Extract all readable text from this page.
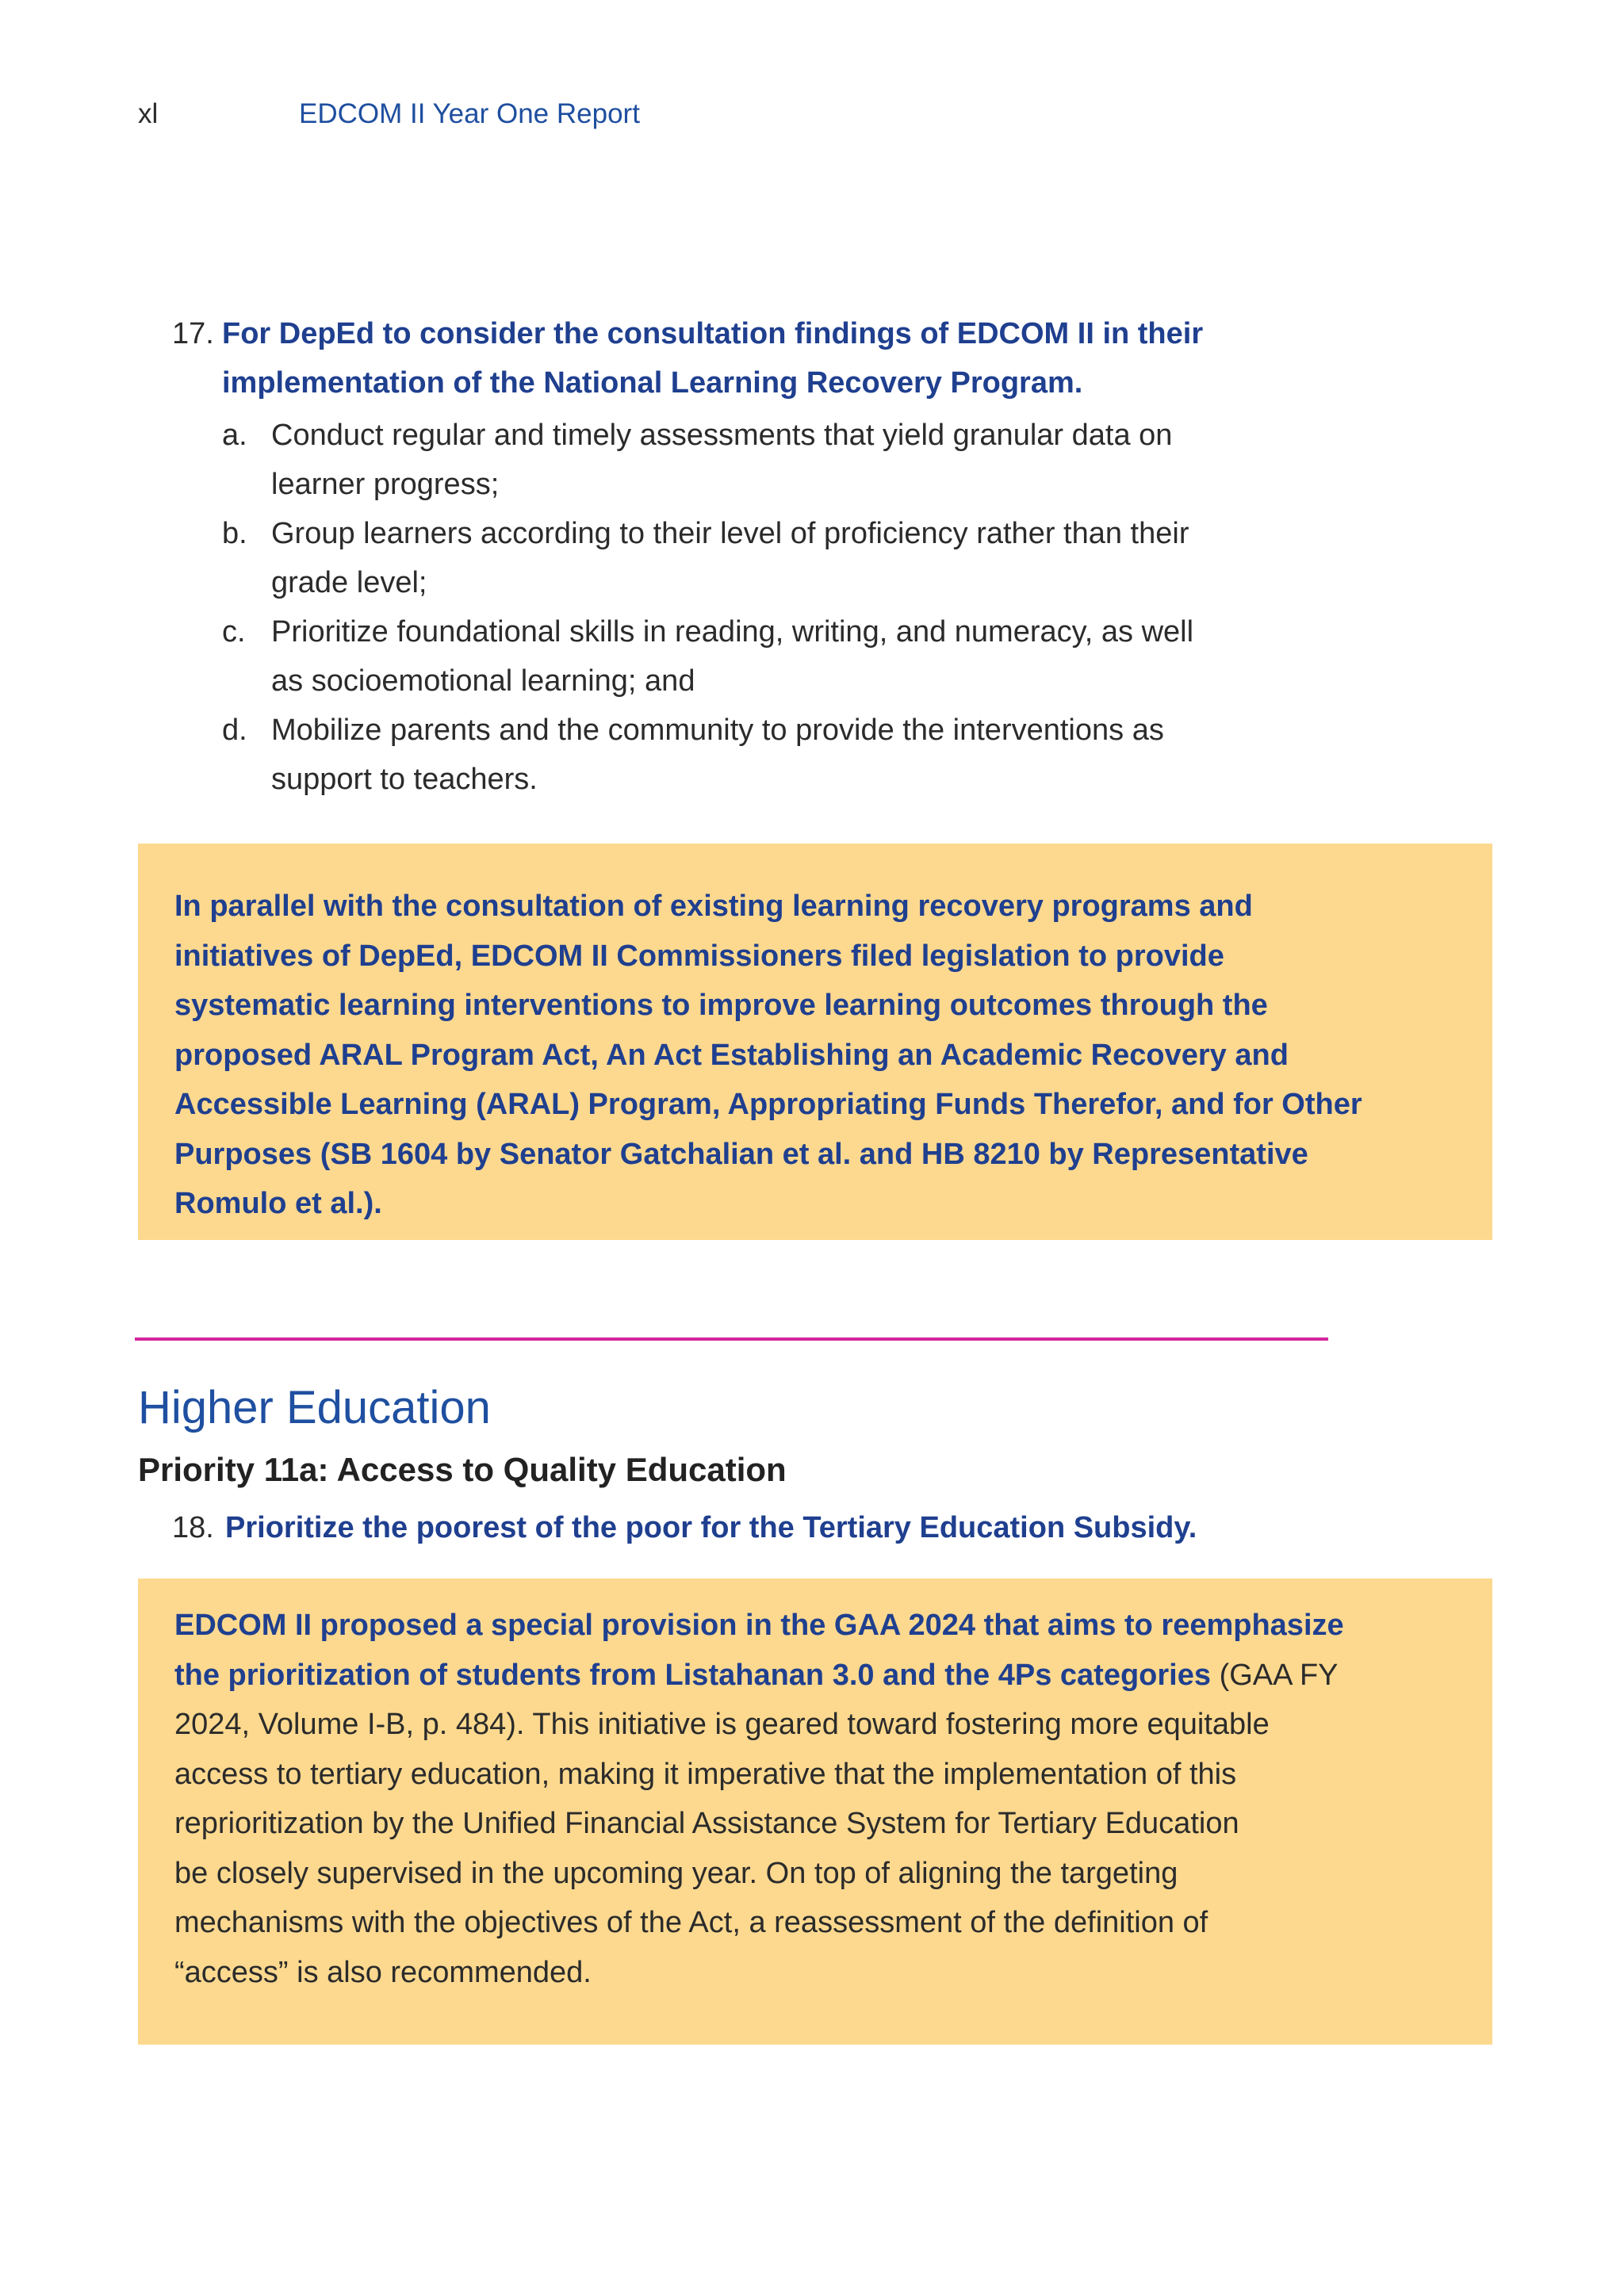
xl	EDCOM II Year One Report
17. For DepEd to consider the consultation findings of EDCOM II in their
implementation of the National Learning Recovery Program.
a. Conduct regular and timely assessments that yield granular data on
learner progress;
b. Group learners according to their level of proficiency rather than their
grade level;
c. Prioritize foundational skills in reading, writing, and numeracy, as well
as socioemotional learning; and
d. Mobilize parents and the community to provide the interventions as
support to teachers.
In parallel with the consultation of existing learning recovery programs and
initiatives of DepEd, EDCOM II Commissioners filed legislation to provide
systematic learning interventions to improve learning outcomes through the
proposed ARAL Program Act, An Act Establishing an Academic Recovery and
Accessible Learning (ARAL) Program, Appropriating Funds Therefor, and for Other
Purposes (SB 1604 by Senator Gatchalian et al. and HB 8210 by Representative
Romulo et al.).
Higher Education
Priority 11a: Access to Quality Education
18. Prioritize the poorest of the poor for the Tertiary Education Subsidy.
EDCOM II proposed a special provision in the GAA 2024 that aims to reemphasize
the prioritization of students from Listahanan 3.0 and the 4Ps categories (GAA FY
2024, Volume I-B, p. 484). This initiative is geared toward fostering more equitable
access to tertiary education, making it imperative that the implementation of this
reprioritization by the Unified Financial Assistance System for Tertiary Education
be closely supervised in the upcoming year. On top of aligning the targeting
mechanisms with the objectives of the Act, a reassessment of the definition of
“access” is also recommended.
